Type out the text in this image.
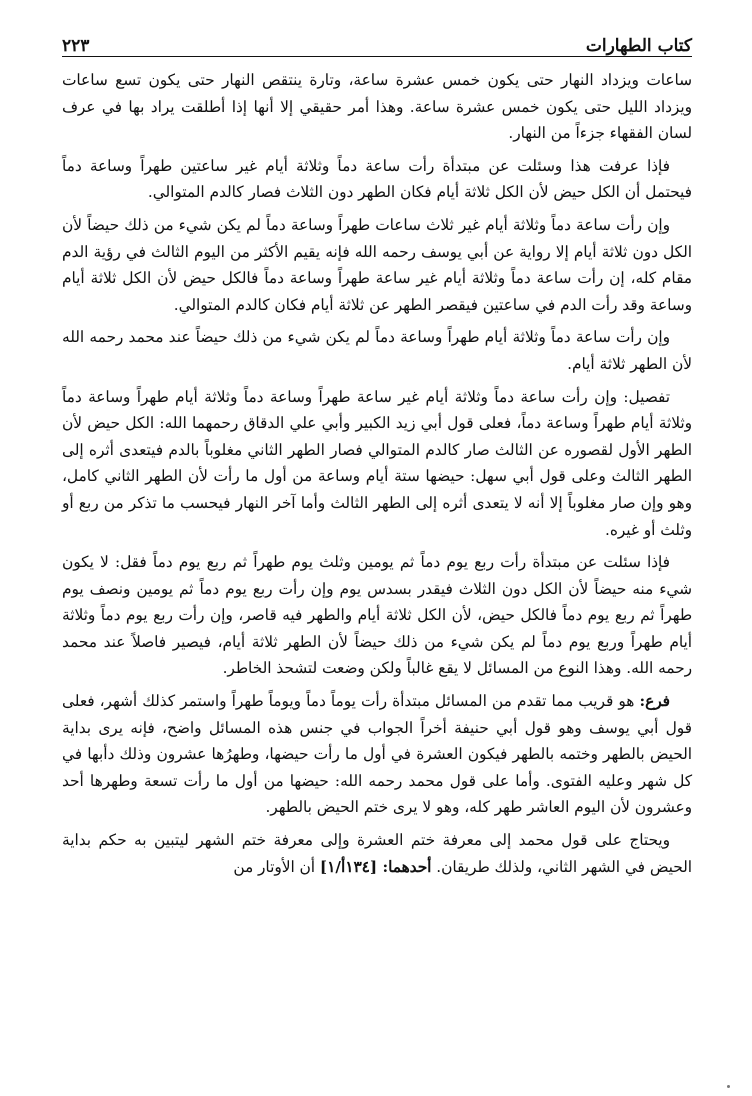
كتاب الطهارات
٢٢٣

ساعات ويزداد النهار حتى يكون خمس عشرة ساعة، وتارة ينتقص النهار حتى يكون تسع ساعات ويزداد الليل حتى يكون خمس عشرة ساعة. وهذا أمر حقيقي إلا أنها إذا أطلقت يراد بها في عرف لسان الفقهاء جزءاً من النهار.

فإذا عرفت هذا وسئلت عن مبتدأة رأت ساعة دماً وثلاثة أيام غير ساعتين طهراً وساعة دماً فيحتمل أن الكل حيض لأن الكل ثلاثة أيام فكان الطهر دون الثلاث فصار كالدم المتوالي.

وإن رأت ساعة دماً وثلاثة أيام غير ثلاث ساعات طهراً وساعة دماً لم يكن شيء من ذلك حيضاً لأن الكل دون ثلاثة أيام إلا رواية عن أبي يوسف رحمه الله فإنه يقيم الأكثر من اليوم الثالث في رؤية الدم مقام كله، إن رأت ساعة دماً وثلاثة أيام غير ساعة طهراً وساعة دماً فالكل حيض لأن الكل ثلاثة أيام وساعة وقد رأت الدم في ساعتين فيقصر الطهر عن ثلاثة أيام فكان كالدم المتوالي.

وإن رأت ساعة دماً وثلاثة أيام طهراً وساعة دماً لم يكن شيء من ذلك حيضاً عند محمد رحمه الله لأن الطهر ثلاثة أيام.

تفصيل: وإن رأت ساعة دماً وثلاثة أيام غير ساعة طهراً وساعة دماً وثلاثة أيام طهراً وساعة دماً وثلاثة أيام طهراً وساعة دماً، فعلى قول أبي زيد الكبير وأبي علي الدقاق رحمهما الله: الكل حيض لأن الطهر الأول لقصوره عن الثالث صار كالدم المتوالي فصار الطهر الثاني مغلوباً بالدم فيتعدى أثره إلى الطهر الثالث وعلى قول أبي سهل: حيضها ستة أيام وساعة من أول ما رأت لأن الطهر الثاني كامل، وهو وإن صار مغلوباً إلا أنه لا يتعدى أثره إلى الطهر الثالث وأما آخر النهار فيحسب ما تذكر من ربع أو وثلث أو غيره.

فإذا سئلت عن مبتدأة رأت ربع يوم دماً ثم يومين وثلث يوم طهراً ثم ربع يوم دماً فقل: لا يكون شيء منه حيضاً لأن الكل دون الثلاث فيقدر بسدس يوم وإن رأت ربع يوم دماً ثم يومين ونصف يوم طهراً ثم ربع يوم دماً فالكل حيض، لأن الكل ثلاثة أيام والطهر فيه قاصر، وإن رأت ربع يوم دماً وثلاثة أيام طهراً وربع يوم دماً لم يكن شيء من ذلك حيضاً لأن الطهر ثلاثة أيام، فيصير فاصلاً عند محمد رحمه الله. وهذا النوع من المسائل لا يقع غالباً ولكن وضعت لتشحذ الخاطر.

فرع: هو قريب مما تقدم من المسائل مبتدأة رأت يوماً دماً ويوماً طهراً واستمر كذلك أشهر، فعلى قول أبي يوسف وهو قول أبي حنيفة أخراً الجواب في جنس هذه المسائل واضح، فإنه يرى بداية الحيض بالطهر وختمه بالطهر فيكون العشرة في أول ما رأت حيضها، وطهرُها عشرون وذلك دأبها في كل شهر وعليه الفتوى. وأما على قول محمد رحمه الله: حيضها من أول ما رأت تسعة وطهرها أحد وعشرون لأن اليوم العاشر طهر كله، وهو لا يرى ختم الحيض بالطهر.

ويحتاج على قول محمد إلى معرفة ختم العشرة وإلى معرفة ختم الشهر ليتبين به حكم بداية الحيض في الشهر الثاني، ولذلك طريقان. أحدهما: [١٣٤أ/١] أن الأوتار من
